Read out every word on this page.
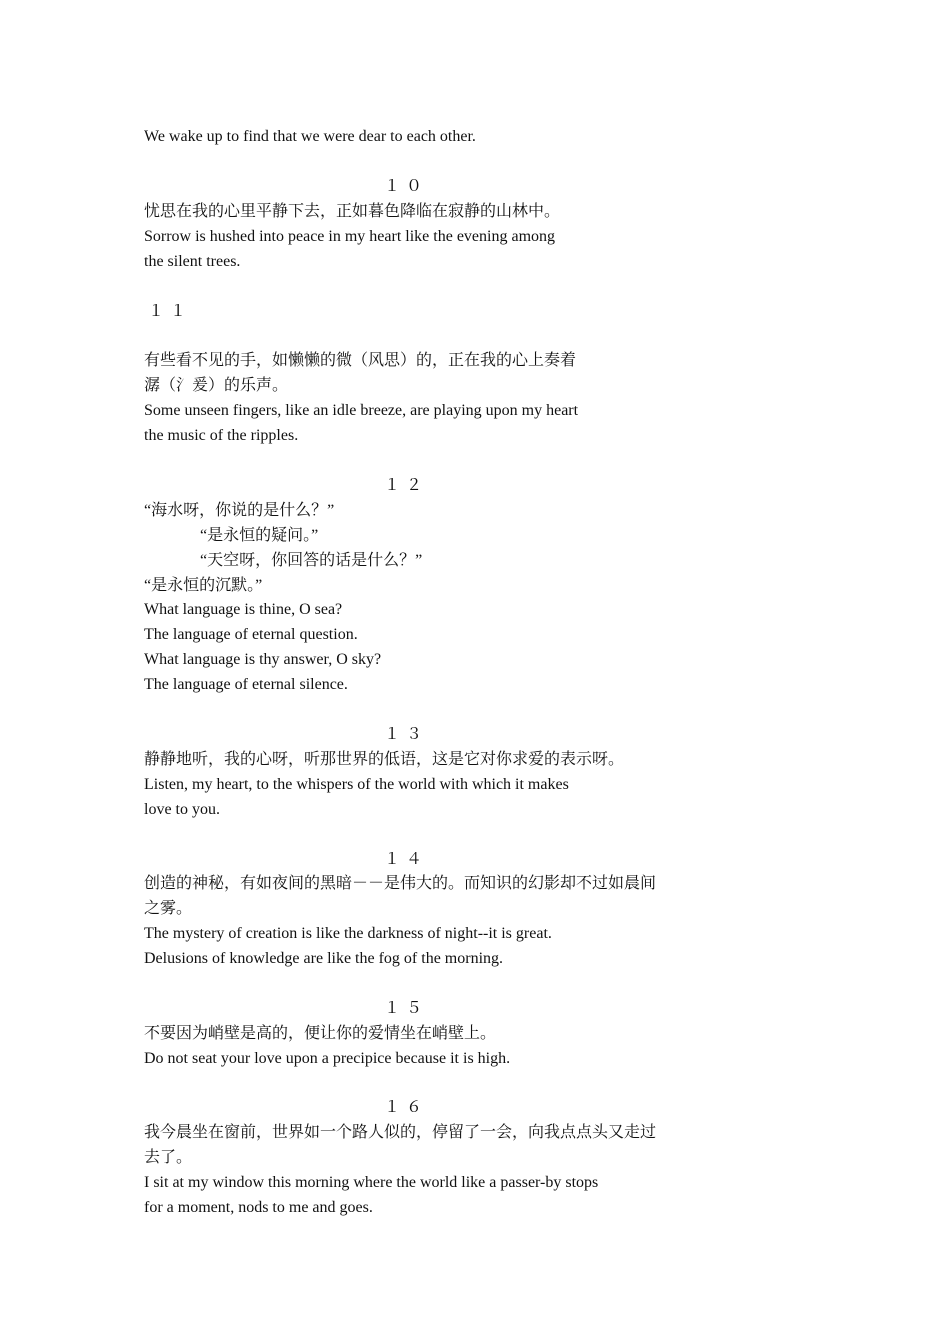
We wake up to find that we were dear to each other.
１０
忧思在我的心里平静下去，正如暮色降临在寂静的山林中。
Sorrow is hushed into peace in my heart like the evening among
the silent trees.
１１
有些看不见的手，如懒懒的微（风思）的，正在我的心上奏着
潺（氵爰）的乐声。
Some unseen fingers, like an idle breeze, are playing upon my heart
the music of the ripples.
１２
“海水呀，你说的是什么？”
“是永恒的疑问。”
“天空呀，你回答的话是什么？”
“是永恒的沉默。”
What language is thine, O sea?
The language of eternal question.
What language is thy answer, O sky?
The language of eternal silence.
１３
静静地听，我的心呀，听那世界的低语，这是它对你求爱的表示呀。
Listen, my heart, to the whispers of the world with which it makes
love to you.
１４
创造的神秘，有如夜间的黑暗－－是伟大的。而知识的幻影却不过如晨间
之雾。
The mystery of creation is like the darkness of night--it is great.
Delusions of knowledge are like the fog of the morning.
１５
不要因为峭壁是高的，便让你的爱情坐在峭壁上。
Do not seat your love upon a precipice because it is high.
１６
我今晨坐在窗前，世界如一个路人似的，停留了一会，向我点点头又走过
去了。
I sit at my window this morning where the world like a passer-by stops
for a moment, nods to me and goes.
